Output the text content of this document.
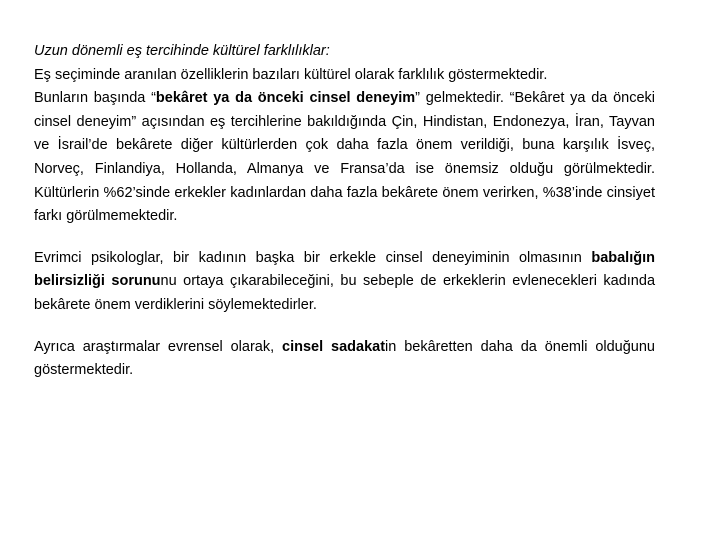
Uzun dönemli eş tercihinde kültürel farklılıklar:

Eş seçiminde aranılan özelliklerin bazıları kültürel olarak farklılık göstermektedir.

Bunların başında “bekâret ya da önceki cinsel deneyim” gelmektedir. “Bekâret ya da önceki cinsel deneyim” açısından eş tercihlerine bakıldığında Çin, Hindistan, Endonezya, İran, Tayvan ve İsrail’de bekârete diğer kültürlerden çok daha fazla önem verildiği, buna karşılık İsveç, Norveç, Finlandiya, Hollanda, Almanya ve Fransa’da ise önemsiz olduğu görülmektedir. Kültürlerin %62’sinde erkekler kadınlardan daha fazla bekârete önem verirken, %38’inde cinsiyet farkı görülmemektedir.

Evrimci psikologlar, bir kadının başka bir erkekle cinsel deneyiminin olmasının babalığın belirsizliği sorununu ortaya çıkarabileceğini, bu sebeple de erkeklerin evlenecekleri kadında bekârete önem verdiklerini söylemektedirler.

Ayrıca araştırmalar evrensel olarak, cinsel sadakatin bekâretten daha da önemli olduğunu göstermektedir.
